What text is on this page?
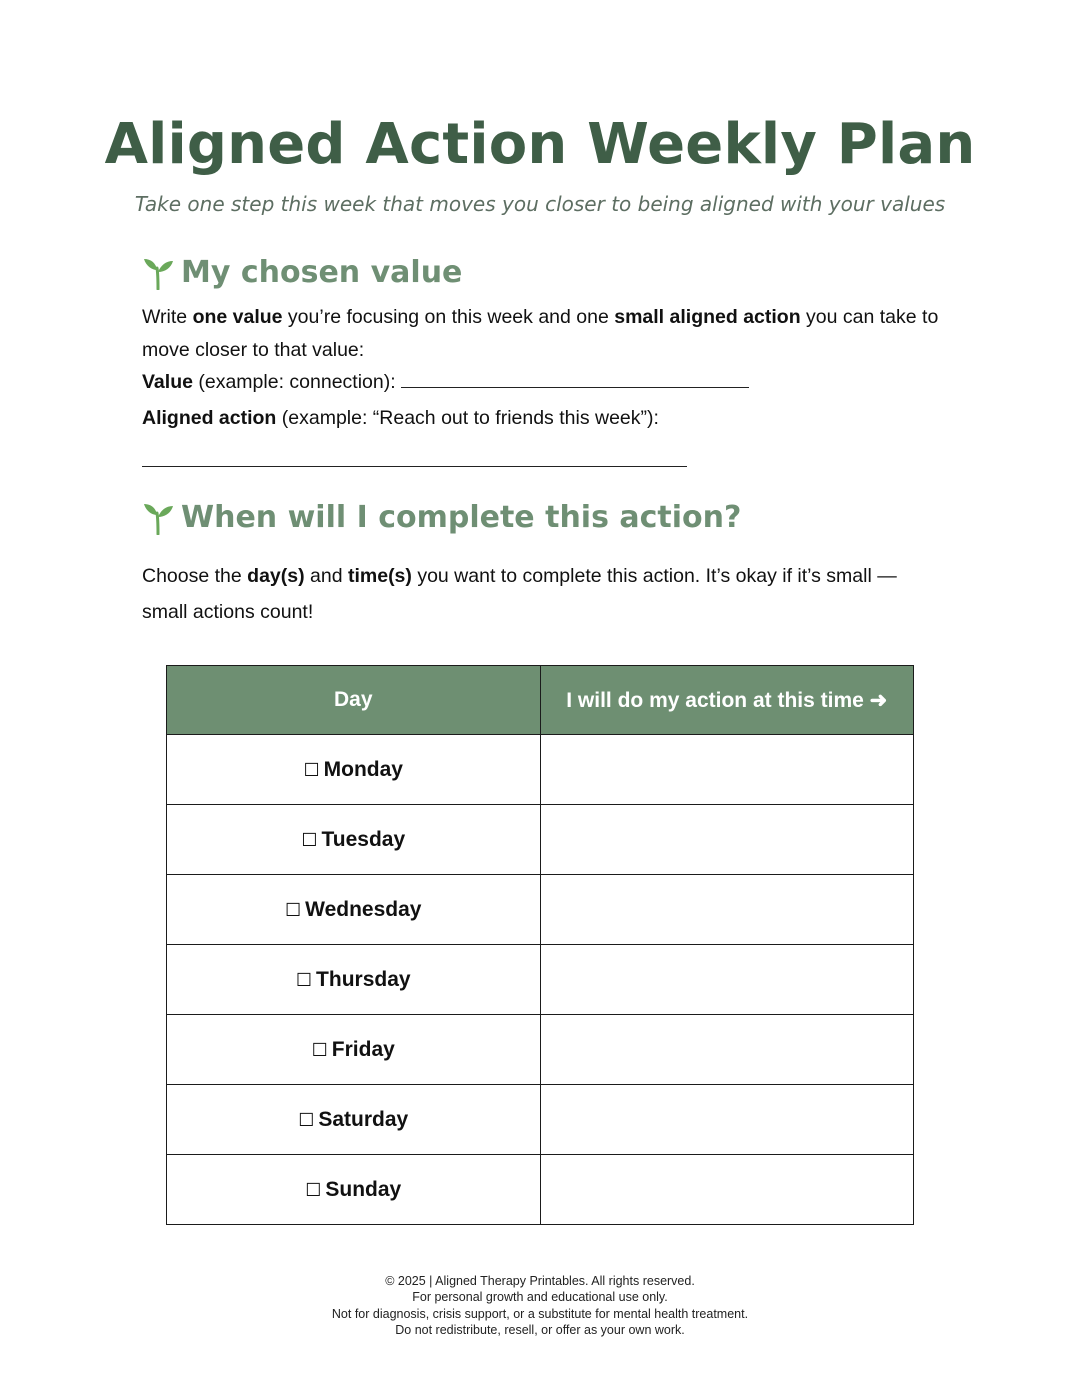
Aligned Action Weekly Plan
Take one step this week that moves you closer to being aligned with your values
My chosen value
Write one value you’re focusing on this week and one small aligned action you can take to move closer to that value:
Value (example: connection):
Aligned action (example: “Reach out to friends this week”):
When will I complete this action?
Choose the day(s) and time(s) you want to complete this action. It’s okay if it’s small — small actions count!
Day	I will do my action at this time ➜
☐ Monday	
☐ Tuesday	
☐ Wednesday	
☐ Thursday	
☐ Friday	
☐ Saturday	
☐ Sunday	
© 2025 | Aligned Therapy Printables. All rights reserved.
For personal growth and educational use only.
Not for diagnosis, crisis support, or a substitute for mental health treatment.
Do not redistribute, resell, or offer as your own work.
